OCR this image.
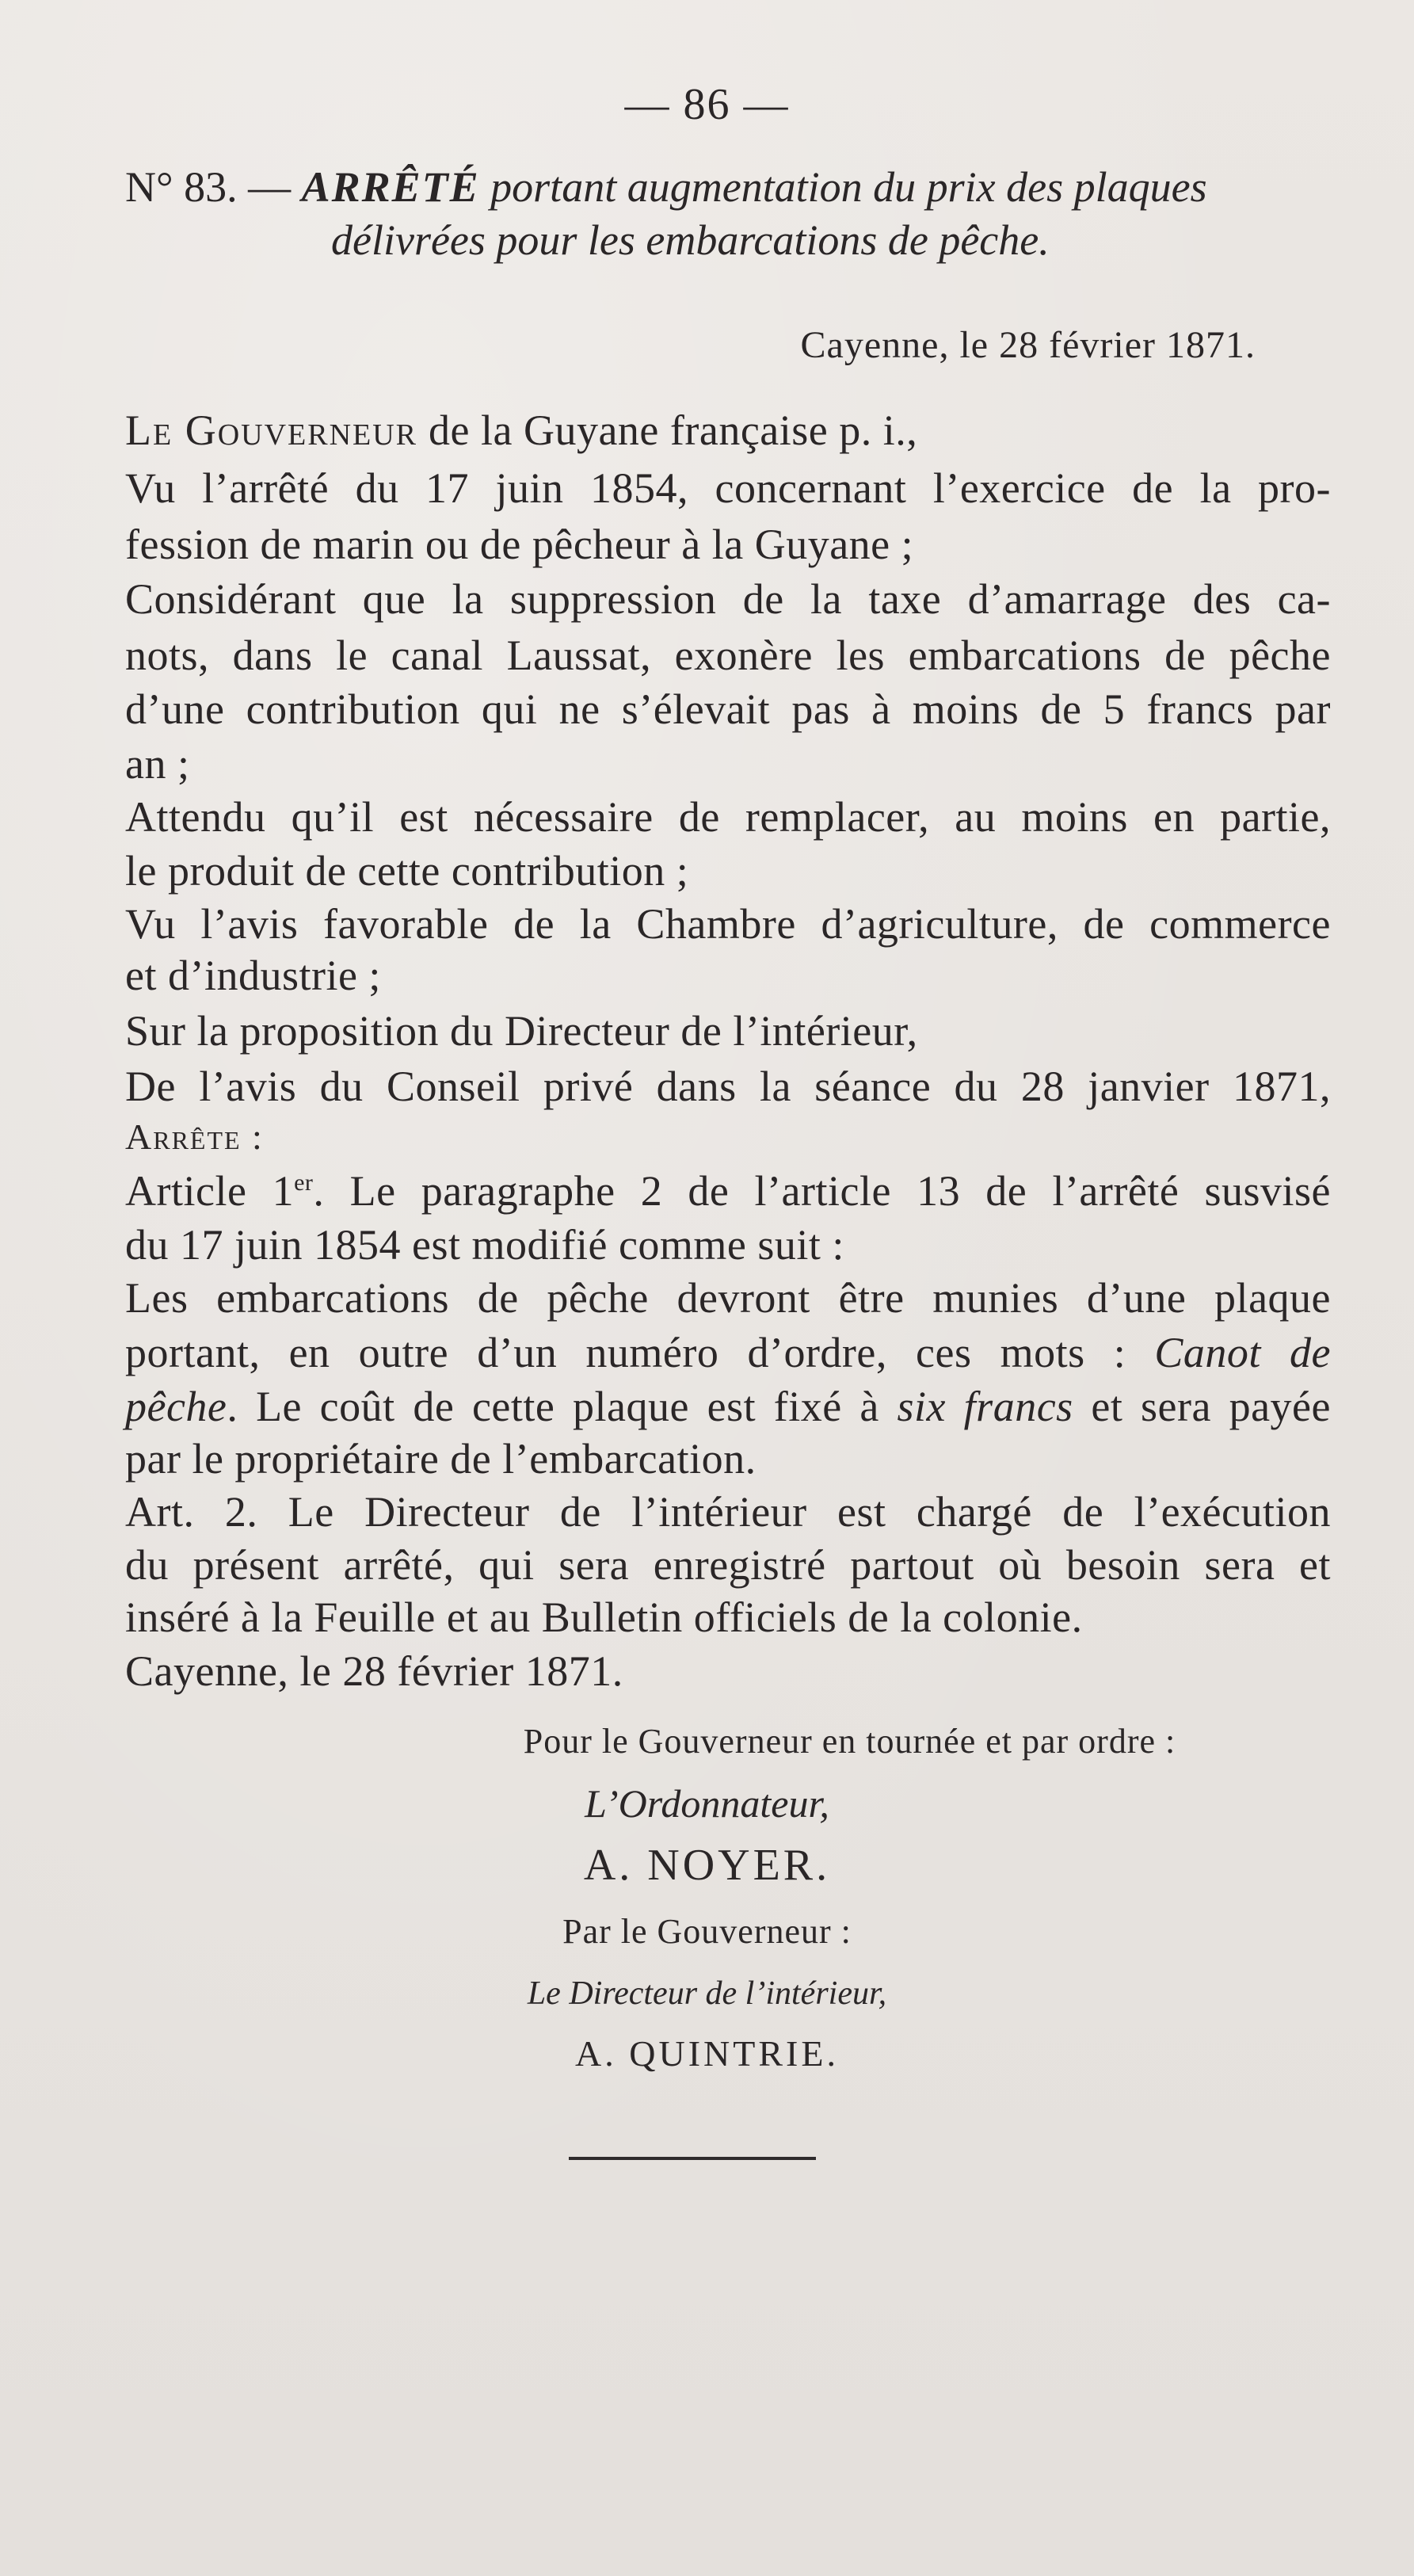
— 86 —
N° 83. — ARRÊTÉ portant augmentation du prix des plaques
délivrées pour les embarcations de pêche.
Cayenne, le 28 février 1871.
Le Gouverneur de la Guyane française p. i.,
Vu l’arrêté du 17 juin 1854, concernant l’exercice de la pro-
fession de marin ou de pêcheur à la Guyane ;
Considérant que la suppression de la taxe d’amarrage des ca-
nots, dans le canal Laussat, exonère les embarcations de pêche
d’une contribution qui ne s’élevait pas à moins de 5 francs par
an ;
Attendu qu’il est nécessaire de remplacer, au moins en partie,
le produit de cette contribution ;
Vu l’avis favorable de la Chambre d’agriculture, de commerce
et d’industrie ;
Sur la proposition du Directeur de l’intérieur,
De l’avis du Conseil privé dans la séance du 28 janvier 1871,
Arrête :
Article 1er. Le paragraphe 2 de l’article 13 de l’arrêté susvisé
du 17 juin 1854 est modifié comme suit :
Les embarcations de pêche devront être munies d’une plaque
portant, en outre d’un numéro d’ordre, ces mots : Canot de
pêche. Le coût de cette plaque est fixé à six francs et sera payée
par le propriétaire de l’embarcation.
Art. 2. Le Directeur de l’intérieur est chargé de l’exécution
du présent arrêté, qui sera enregistré partout où besoin sera et
inséré à la Feuille et au Bulletin officiels de la colonie.
Cayenne, le 28 février 1871.
Pour le Gouverneur en tournée et par ordre :
L’Ordonnateur,
A. NOYER.
Par le Gouverneur :
Le Directeur de l’intérieur,
A. QUINTRIE.
